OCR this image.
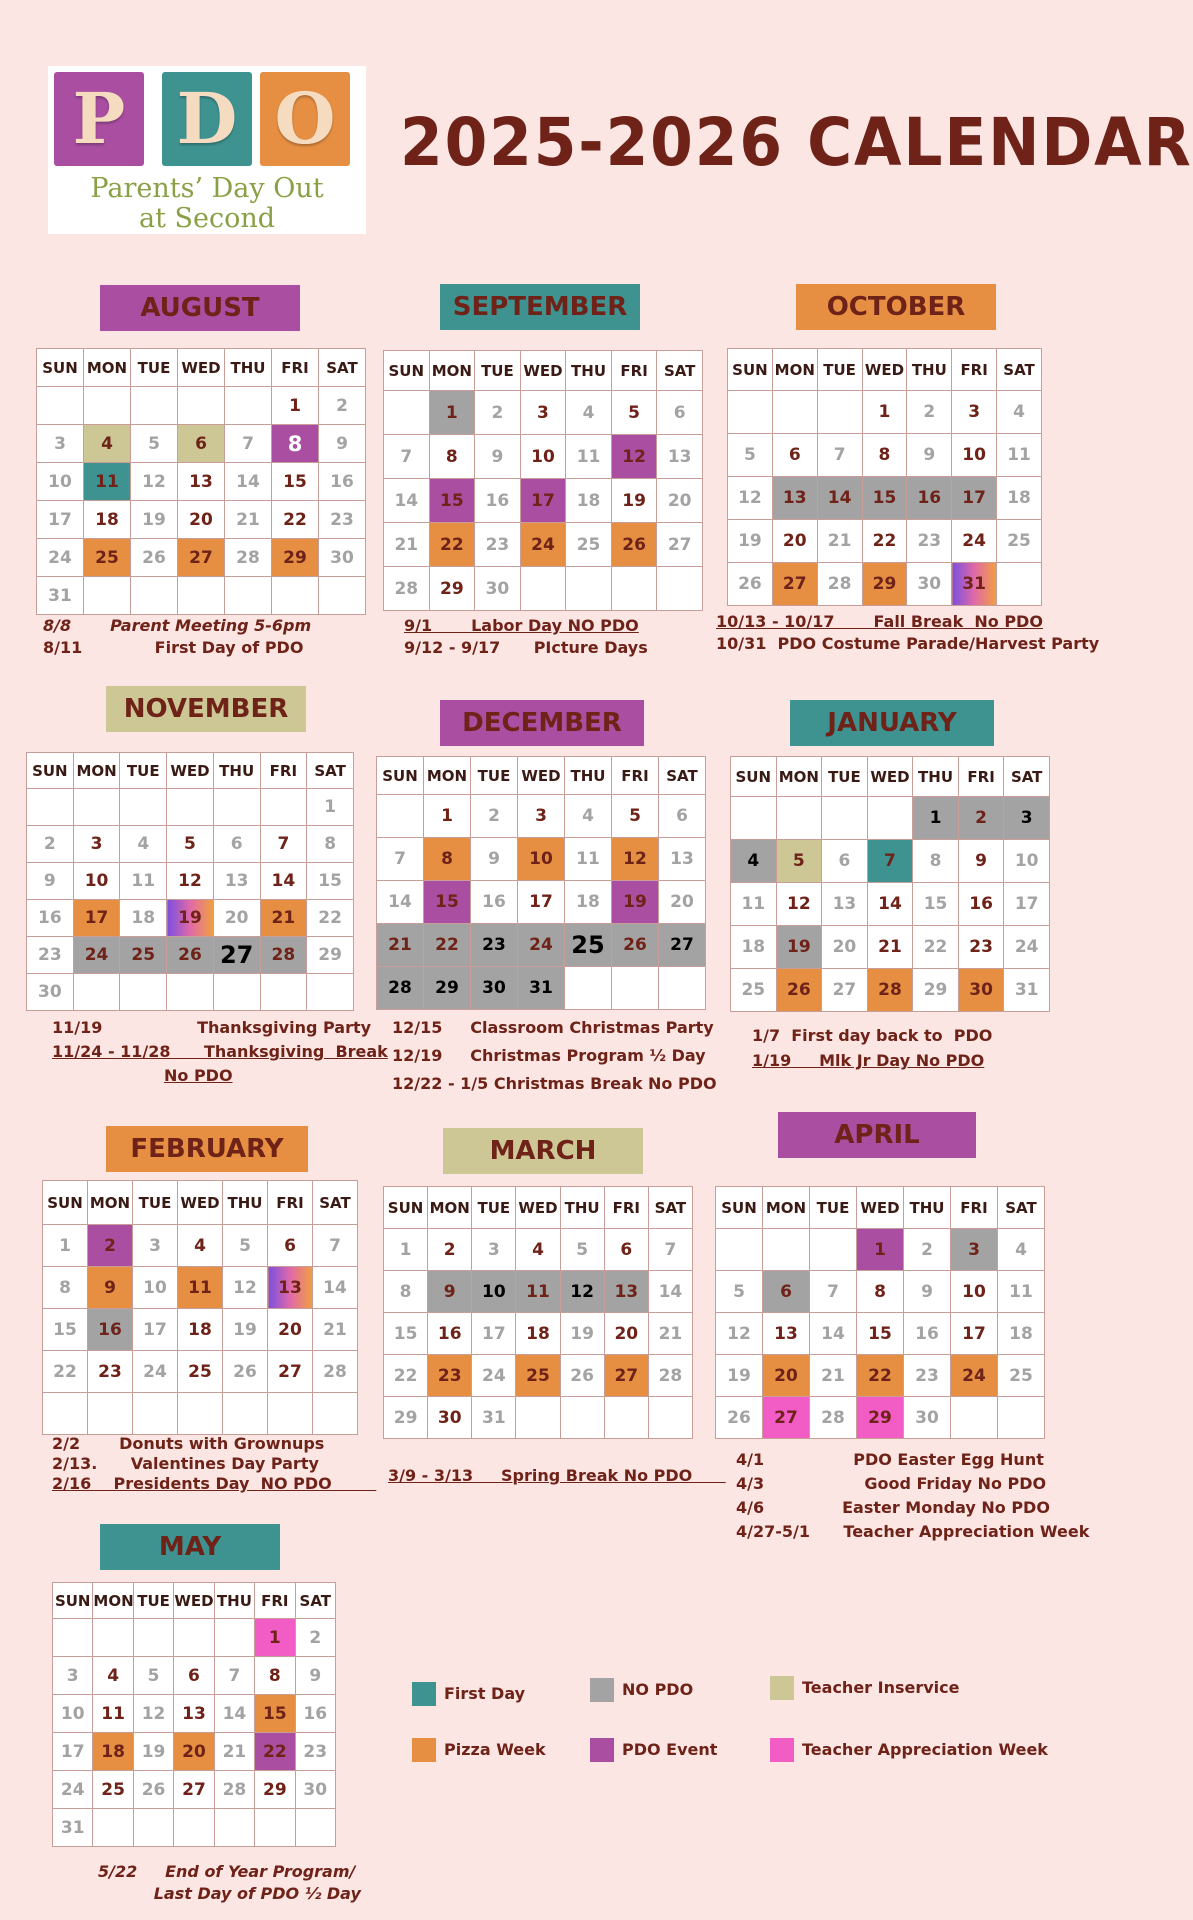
P D O
Parents’ Day Out
at Second
2025-2026 CALENDAR
AUGUST
SUN	MON	TUE	WED	THU	FRI	SAT
					1	2
3	4	5	6	7	8	9
10	11	12	13	14	15	16
17	18	19	20	21	22	23
24	25	26	27	28	29	30
31						
8/8       Parent Meeting 5-6pm
8/11             First Day of PDO
SEPTEMBER
SUN	MON	TUE	WED	THU	FRI	SAT
	1	2	3	4	5	6
7	8	9	10	11	12	13
14	15	16	17	18	19	20
21	22	23	24	25	26	27
28	29	30				
9/1       Labor Day NO PDO
9/12 - 9/17      PIcture Days
OCTOBER
SUN	MON	TUE	WED	THU	FRI	SAT
			1	2	3	4
5	6	7	8	9	10	11
12	13	14	15	16	17	18
19	20	21	22	23	24	25
26	27	28	29	30	31	
10/13 - 10/17       Fall Break  No PDO
10/31  PDO Costume Parade/Harvest Party
NOVEMBER
SUN	MON	TUE	WED	THU	FRI	SAT
						1
2	3	4	5	6	7	8
9	10	11	12	13	14	15
16	17	18	19	20	21	22
23	24	25	26	27	28	29
30						
11/19                 Thanksgiving Party
11/24 - 11/28      Thanksgiving  Break
No PDO
DECEMBER
SUN	MON	TUE	WED	THU	FRI	SAT
	1	2	3	4	5	6
7	8	9	10	11	12	13
14	15	16	17	18	19	20
21	22	23	24	25	26	27
28	29	30	31			
12/15     Classroom Christmas Party
12/19     Christmas Program ½ Day
12/22 - 1/5 Christmas Break No PDO
JANUARY
SUN	MON	TUE	WED	THU	FRI	SAT
				1	2	3
4	5	6	7	8	9	10
11	12	13	14	15	16	17
18	19	20	21	22	23	24
25	26	27	28	29	30	31
1/7  First day back to  PDO
1/19     Mlk Jr Day No PDO
FEBRUARY
SUN	MON	TUE	WED	THU	FRI	SAT
1	2	3	4	5	6	7
8	9	10	11	12	13	14
15	16	17	18	19	20	21
22	23	24	25	26	27	28

2/2       Donuts with Grownups
2/13.      Valentines Day Party
2/16    Presidents Day  NO PDO
MARCH
SUN	MON	TUE	WED	THU	FRI	SAT
1	2	3	4	5	6	7
8	9	10	11	12	13	14
15	16	17	18	19	20	21
22	23	24	25	26	27	28
29	30	31				
3/9 - 3/13     Spring Break No PDO
APRIL
SUN	MON	TUE	WED	THU	FRI	SAT
			1	2	3	4
5	6	7	8	9	10	11
12	13	14	15	16	17	18
19	20	21	22	23	24	25
26	27	28	29	30		
4/1                PDO Easter Egg Hunt
4/3                  Good Friday No PDO
4/6              Easter Monday No PDO
4/27-5/1      Teacher Appreciation Week
MAY
SUN	MON	TUE	WED	THU	FRI	SAT
					1	2
3	4	5	6	7	8	9
10	11	12	13	14	15	16
17	18	19	20	21	22	23
24	25	26	27	28	29	30
31						
5/22     End of Year Program/
Last Day of PDO ½ Day
First Day	NO PDO	Teacher Inservice
Pizza Week	PDO Event	Teacher Appreciation Week
